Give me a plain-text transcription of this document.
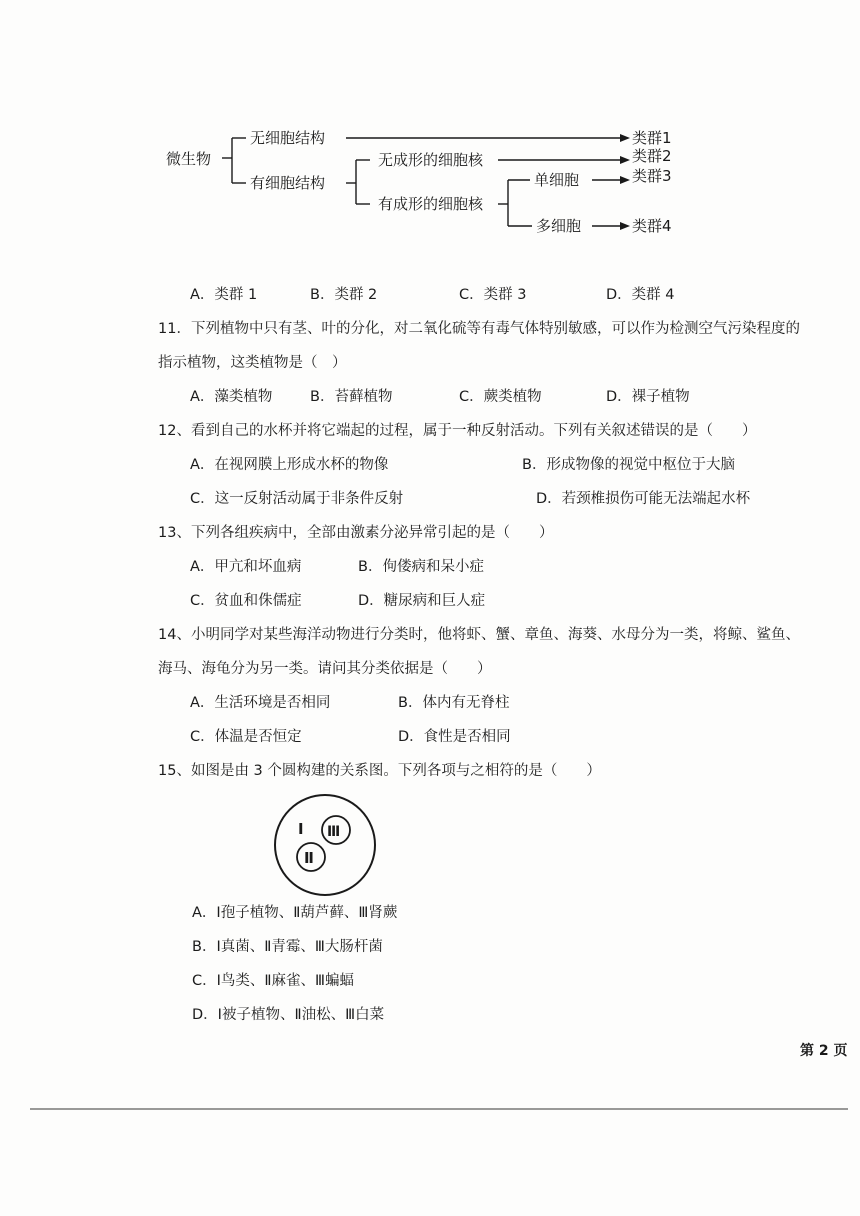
微生物
无细胞结构
有细胞结构
无成形的细胞核
有成形的细胞核
单细胞
多细胞
类群1
类群2
类群3
类群4
A．类群 1	B．类群 2	C．类群 3	D．类群 4
11．下列植物中只有茎、叶的分化，对二氧化硫等有毒气体特别敏感，可以作为检测空气污染程度的
指示植物，这类植物是（　）
A．藻类植物	B．苔藓植物	C．蕨类植物	D．裸子植物
12、看到自己的水杯并将它端起的过程，属于一种反射活动。下列有关叙述错误的是（　　）
A．在视网膜上形成水杯的物像	B．形成物像的视觉中枢位于大脑
C．这一反射活动属于非条件反射	D．若颈椎损伤可能无法端起水杯
13、下列各组疾病中，全部由激素分泌异常引起的是（　　）
A．甲亢和坏血病	B．佝偻病和呆小症
C．贫血和侏儒症	D．糖尿病和巨人症
14、小明同学对某些海洋动物进行分类时，他将虾、蟹、章鱼、海葵、水母分为一类，将鲸、鲨鱼、
海马、海龟分为另一类。请问其分类依据是（　　）
A．生活环境是否相同	B．体内有无脊柱
C．体温是否恒定	D．食性是否相同
15、如图是由 3 个圆构建的关系图。下列各项与之相符的是（　　）
Ⅰ
Ⅱ
Ⅲ
A．Ⅰ孢子植物、Ⅱ葫芦藓、Ⅲ肾蕨
B．Ⅰ真菌、Ⅱ青霉、Ⅲ大肠杆菌
C．Ⅰ鸟类、Ⅱ麻雀、Ⅲ蝙蝠
D．Ⅰ被子植物、Ⅱ油松、Ⅲ白菜
第 2 页
